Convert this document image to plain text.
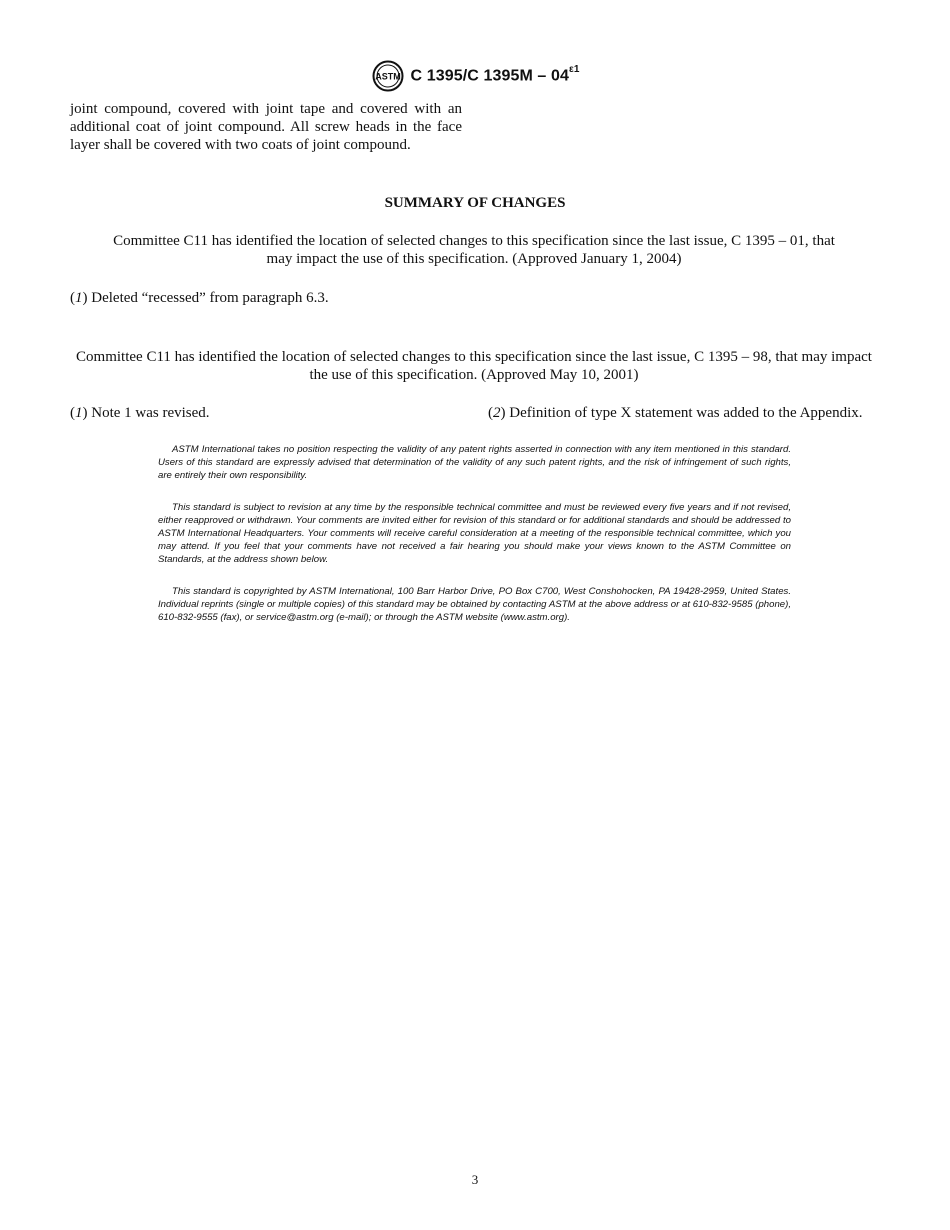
ASTM C 1395/C $1395M - 04^{\varepsilon 1}$

joint compound, covered with joint tape and covered with an additional coat of joint compound. All screw heads in the face layer shall be covered with two coats of joint compound.

SUMMARY OF CHANGES

Committee C11 has identified the location of selected changes to this specification since the last issue, C 1395 – 01, that may impact the use of this specification. (Approved January 1, 2004)

(1) Deleted “recessed” from paragraph 6.3.

Committee C11 has identified the location of selected changes to this specification since the last issue, C 1395 – 98, that may impact the use of this specification. (Approved May 10, 2001)

(1) Note 1 was revised.	(2) Definition of type X statement was added to the Appendix.

ASTM International takes no position respecting the validity of any patent rights asserted in connection with any item mentioned in this standard. Users of this standard are expressly advised that determination of the validity of any such patent rights, and the risk of infringement of such rights, are entirely their own responsibility.

This standard is subject to revision at any time by the responsible technical committee and must be reviewed every five years and if not revised, either reapproved or withdrawn. Your comments are invited either for revision of this standard or for additional standards and should be addressed to ASTM International Headquarters. Your comments will receive careful consideration at a meeting of the responsible technical committee, which you may attend. If you feel that your comments have not received a fair hearing you should make your views known to the ASTM Committee on Standards, at the address shown below.

This standard is copyrighted by ASTM International, 100 Barr Harbor Drive, PO Box C700, West Conshohocken, PA 19428-2959, United States. Individual reprints (single or multiple copies) of this standard may be obtained by contacting ASTM at the above address or at 610-832-9585 (phone), 610-832-9555 (fax), or service@astm.org (e-mail); or through the ASTM website (www.astm.org).

3
